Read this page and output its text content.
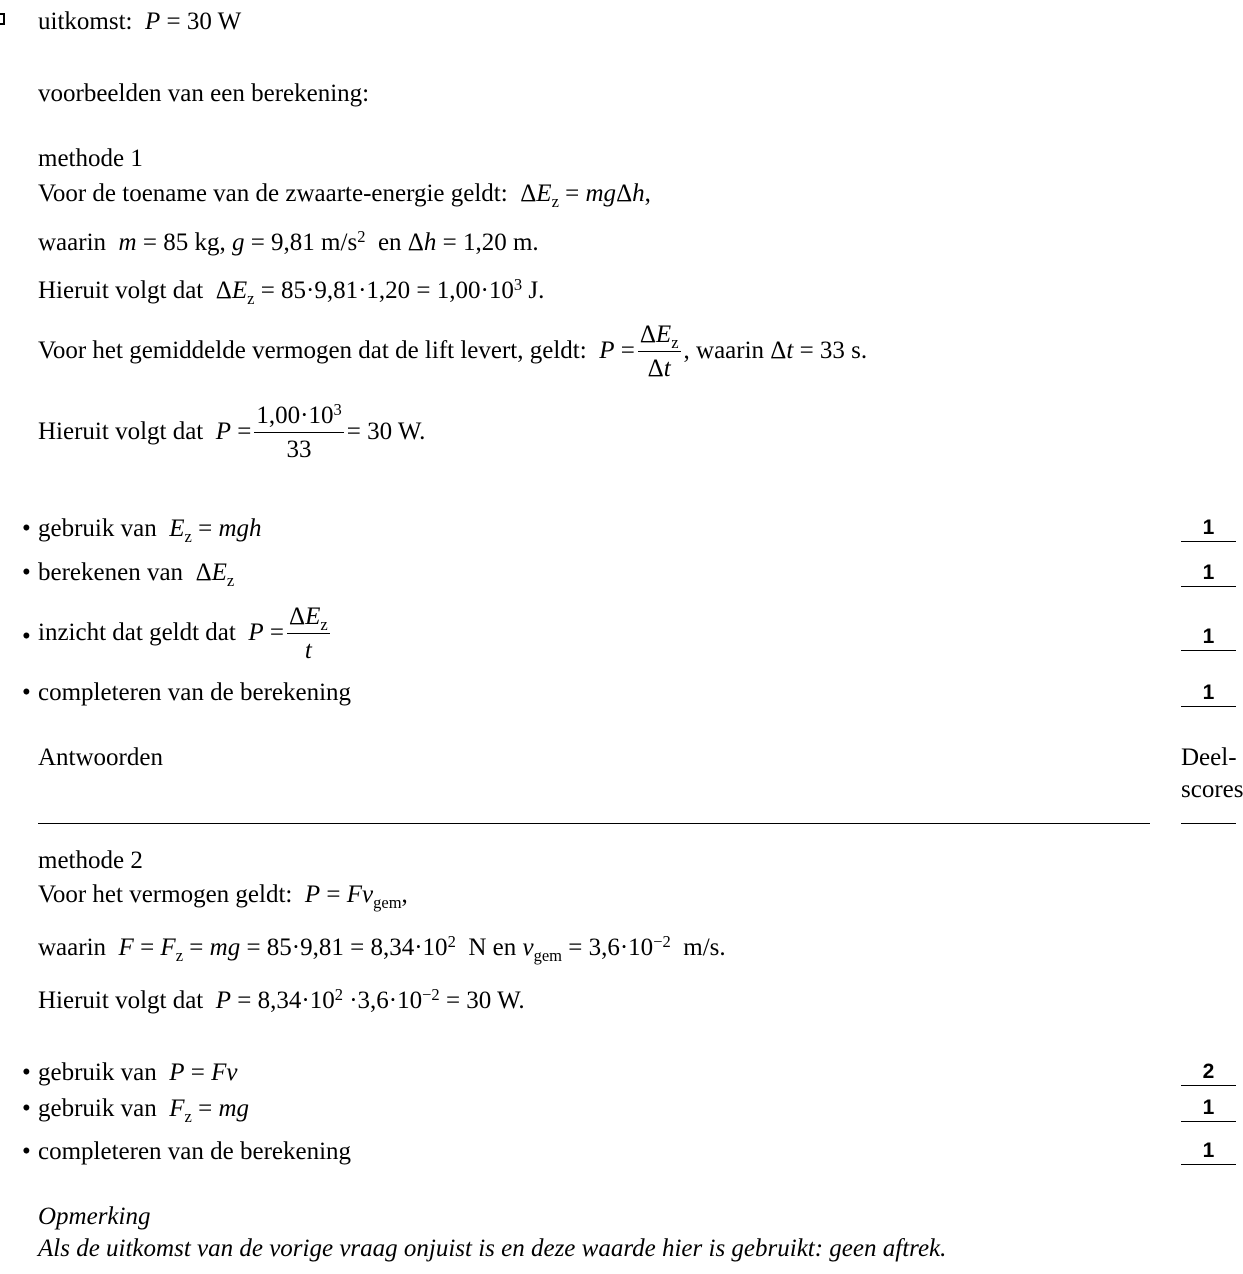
uitkomst: P = 30 W
voorbeelden van een berekening:
methode 1
Voor de toename van de zwaarte-energie geldt: $\Delta E_z = mg\Delta h$,
waarin m = 85 kg, g = 9,81 $m/s^2$ en Δh = 1,20 m.
Hieruit volgt dat $\Delta E_z = 85\cdot 9,81\cdot 1,20 = 1,00\cdot 10^3$ J.
Voor het gemiddelde vermogen dat de lift levert, geldt: $P = \frac{\Delta E_z}{\Delta t}$ , waarin Δt = 33 s.
Hieruit volgt dat $P = \frac{1,00\cdot 10^3}{33} = 30$ W.
• gebruik van $E_z$ = mgh	1
• berekenen van $\Delta E_z$	1
• inzicht dat geldt dat $P = \frac{\Delta E_z}{t}$	1
• completeren van de berekening	1
Antwoorden	Deel-
scores
methode 2
Voor het vermogen geldt: $P = Fv_{gem}$,
waarin $F = F_z$ = mg = $85\cdot 9,81 = 8,34\cdot 10^2$ N en $v_{gem} = 3,6\cdot 10^{-2}$  m/s.
Hieruit volgt dat $P = 8,34\cdot 10^2 \cdot 3,6\cdot 10^{-2} = 30$ W.
• gebruik van P = Fv	2
• gebruik van $F_z$ = mg	1
• completeren van de berekening	1
Opmerking
Als de uitkomst van de vorige vraag onjuist is en deze waarde hier is gebruikt: geen aftrek.
